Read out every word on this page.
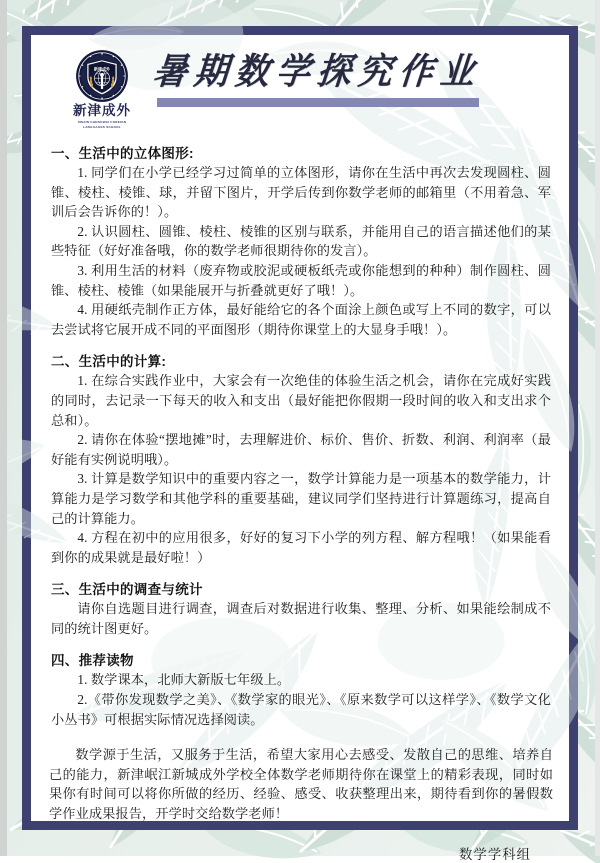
新津成外
新津成外
XINJIN CHENGWAI FOREIGN
LANGUAGES SCHOOL
暑期数学探究作业
一、生活中的立体图形:

1. 同学们在小学已经学习过简单的立体图形，请你在生活中再次去发现圆柱、圆锥、棱柱、棱锥、球，并留下图片，开学后传到你数学老师的邮箱里（不用着急、军训后会告诉你的！）。

2. 认识圆柱、圆锥、棱柱、棱锥的区别与联系，并能用自己的语言描述他们的某些特征（好好准备哦，你的数学老师很期待你的发言）。

3. 利用生活的材料（废弃物或胶泥或硬板纸壳或你能想到的种种）制作圆柱、圆锥、棱柱、棱锥（如果能展开与折叠就更好了哦！）。

4. 用硬纸壳制作正方体，最好能给它的各个面涂上颜色或写上不同的数字，可以去尝试将它展开成不同的平面图形（期待你课堂上的大显身手哦！）。

二、生活中的计算:

1. 在综合实践作业中，大家会有一次绝佳的体验生活之机会，请你在完成好实践的同时，去记录一下每天的收入和支出（最好能把你假期一段时间的收入和支出求个总和）。

2. 请你在体验“摆地摊”时，去理解进价、标价、售价、折数、利润、利润率（最好能有实例说明哦）。

3. 计算是数学知识中的重要内容之一，数学计算能力是一项基本的数学能力，计算能力是学习数学和其他学科的重要基础，建议同学们坚持进行计算题练习，提高自己的计算能力。

4. 方程在初中的应用很多，好好的复习下小学的列方程、解方程哦！（如果能看到你的成果就是最好啦！）

三、生活中的调查与统计

请你自选题目进行调查，调查后对数据进行收集、整理、分析、如果能绘制成不同的统计图更好。

四、推荐读物

1. 数学课本，北师大新版七年级上。

2.《带你发现数学之美》、《数学家的眼光》、《原来数学可以这样学》、《数学文化小丛书》可根据实际情况选择阅读。

数学源于生活，又服务于生活，希望大家用心去感受、发散自己的思维、培养自己的能力，新津岷江新城成外学校全体数学老师期待你在课堂上的精彩表现，同时如果你有时间可以将你所做的经历、经验、感受、收获整理出来，期待看到你的暑假数学作业成果报告，开学时交给数学老师！

数学学科组
